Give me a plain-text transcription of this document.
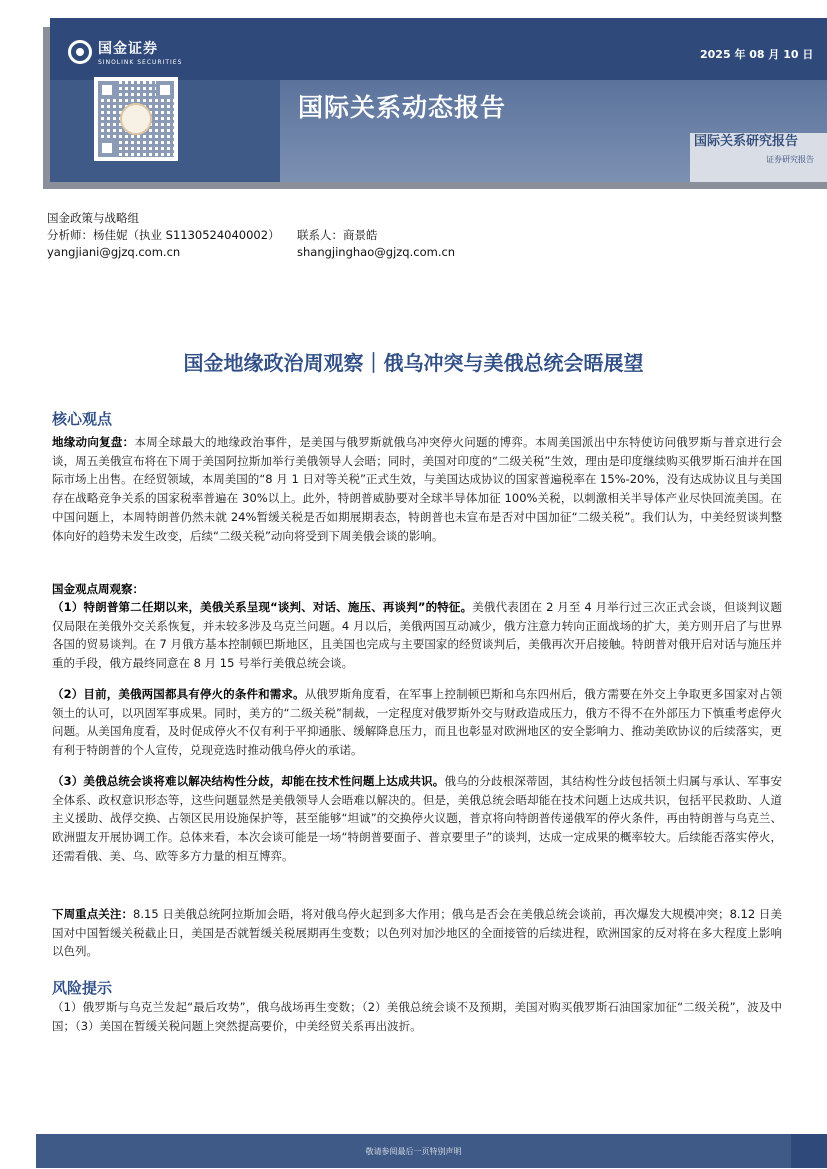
国金证券
SINOLINK SECURITIES
2025 年 08 月 10 日
国际关系动态报告
国际关系研究报告
证券研究报告
国金政策与战略组
分析师：杨佳妮（执业 S1130524040002）	联系人：商景皓
yangjiani@gjzq.com.cn	shangjinghao@gjzq.com.cn
国金地缘政治周观察｜俄乌冲突与美俄总统会晤展望
核心观点
地缘动向复盘：本周全球最大的地缘政治事件，是美国与俄罗斯就俄乌冲突停火问题的博弈。本周美国派出中东特使访问俄罗斯与普京进行会谈，周五美俄宣布将在下周于美国阿拉斯加举行美俄领导人会晤；同时，美国对印度的“二级关税”生效，理由是印度继续购买俄罗斯石油并在国际市场上出售。在经贸领域，本周美国的“8 月 1 日对等关税”正式生效，与美国达成协议的国家普遍税率在 15%-20%，没有达成协议且与美国存在战略竞争关系的国家税率普遍在 30%以上。此外，特朗普威胁要对全球半导体加征 100%关税，以刺激相关半导体产业尽快回流美国。在中国问题上，本周特朗普仍然未就 24%暂缓关税是否如期展期表态，特朗普也未宣布是否对中国加征“二级关税”。我们认为，中美经贸谈判整体向好的趋势未发生改变，后续“二级关税”动向将受到下周美俄会谈的影响。
国金观点周观察：
（1）特朗普第二任期以来，美俄关系呈现“谈判、对话、施压、再谈判”的特征。美俄代表团在 2 月至 4 月举行过三次正式会谈，但谈判议题仅局限在美俄外交关系恢复，并未较多涉及乌克兰问题。4 月以后，美俄两国互动减少，俄方注意力转向正面战场的扩大，美方则开启了与世界各国的贸易谈判。在 7 月俄方基本控制顿巴斯地区，且美国也完成与主要国家的经贸谈判后，美俄再次开启接触。特朗普对俄开启对话与施压并重的手段，俄方最终同意在 8 月 15 号举行美俄总统会谈。
（2）目前，美俄两国都具有停火的条件和需求。从俄罗斯角度看，在军事上控制顿巴斯和乌东四州后，俄方需要在外交上争取更多国家对占领领土的认可，以巩固军事成果。同时，美方的“二级关税”制裁，一定程度对俄罗斯外交与财政造成压力，俄方不得不在外部压力下慎重考虑停火问题。从美国角度看，及时促成停火不仅有利于平抑通胀、缓解降息压力，而且也彰显对欧洲地区的安全影响力、推动美欧协议的后续落实，更有利于特朗普的个人宣传，兑现竞选时推动俄乌停火的承诺。
（3）美俄总统会谈将难以解决结构性分歧，却能在技术性问题上达成共识。俄乌的分歧根深蒂固，其结构性分歧包括领土归属与承认、军事安全体系、政权意识形态等，这些问题显然是美俄领导人会晤难以解决的。但是，美俄总统会晤却能在技术问题上达成共识，包括平民救助、人道主义援助、战俘交换、占领区民用设施保护等，甚至能够“坦诚”的交换停火议题，普京将向特朗普传递俄军的停火条件，再由特朗普与乌克兰、欧洲盟友开展协调工作。总体来看，本次会谈可能是一场“特朗普要面子、普京要里子”的谈判，达成一定成果的概率较大。后续能否落实停火，还需看俄、美、乌、欧等多方力量的相互博弈。
下周重点关注：8.15 日美俄总统阿拉斯加会晤，将对俄乌停火起到多大作用；俄乌是否会在美俄总统会谈前，再次爆发大规模冲突；8.12 日美国对中国暂缓关税截止日，美国是否就暂缓关税展期再生变数；以色列对加沙地区的全面接管的后续进程，欧洲国家的反对将在多大程度上影响以色列。
风险提示
（1）俄罗斯与乌克兰发起“最后攻势”，俄乌战场再生变数；（2）美俄总统会谈不及预期，美国对购买俄罗斯石油国家加征“二级关税”，波及中国；（3）美国在暂缓关税问题上突然提高要价，中美经贸关系再出波折。
敬请参阅最后一页特别声明
